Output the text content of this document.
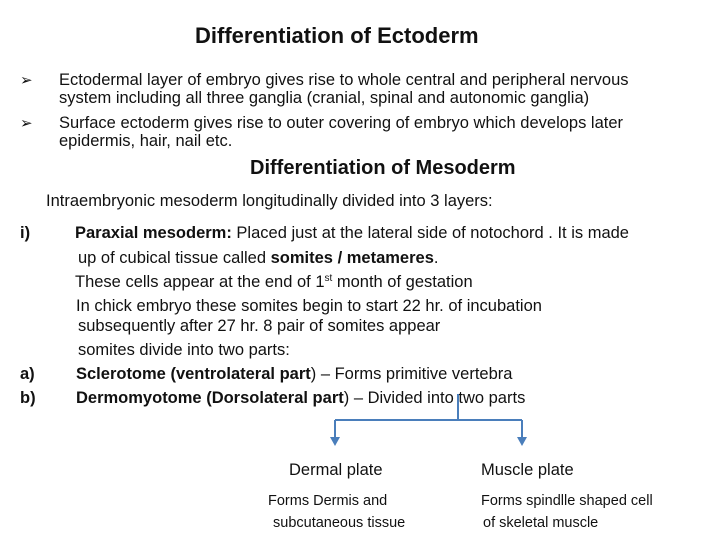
Differentiation of Ectoderm
➢ Ectodermal layer of embryo gives rise to whole central and peripheral nervous
system including all three ganglia (cranial, spinal and autonomic ganglia)
➢ Surface ectoderm gives rise to outer covering of embryo which develops later
epidermis, hair, nail etc.
Differentiation of Mesoderm
Intraembryonic mesoderm longitudinally divided into 3 layers:
i)	Paraxial mesoderm: Placed just at the lateral side of notochord . It is made
up of cubical tissue called somites / metameres.
These cells appear at the end of 1st month of gestation
In chick embryo these somites begin to start 22 hr. of incubation
subsequently after 27 hr. 8 pair of somites appear
somites divide into two parts:
a)	Sclerotome (ventrolateral part) – Forms primitive vertebra
b) Dermomyotome (Dorsolateral part) – Divided into two parts
Dermal plate
Forms Dermis and
subcutaneous tissue
Muscle plate
Forms spindlle shaped cell
of skeletal muscle
